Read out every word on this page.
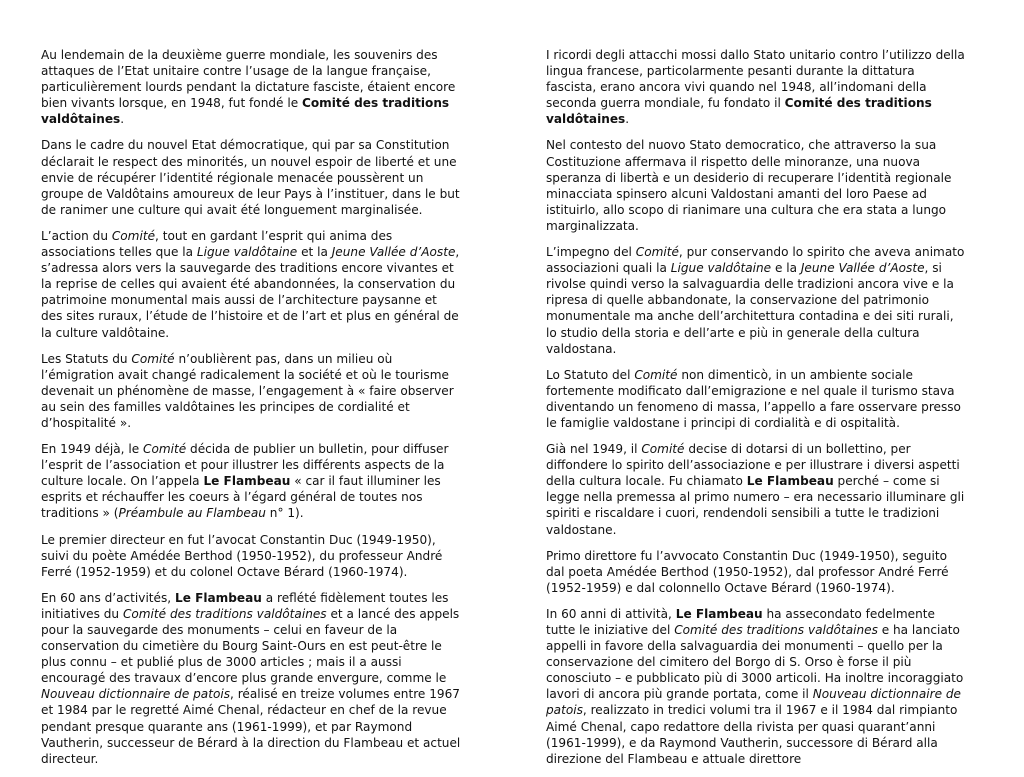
Au lendemain de la deuxième guerre mondiale, les souvenirs des attaques de l’Etat unitaire contre l’usage de la langue française, particulièrement lourds pendant la dictature fasciste, étaient encore bien vivants lorsque, en 1948, fut fondé le Comité des traditions valdôtaines.

Dans le cadre du nouvel Etat démocratique, qui par sa Constitution déclarait le respect des minorités, un nouvel espoir de liberté et une envie de récupérer l’identité régionale menacée poussèrent un groupe de Valdôtains amoureux de leur Pays à l’instituer, dans le but de ranimer une culture qui avait été longuement marginalisée.

L’action du Comité, tout en gardant l’esprit qui anima des associations telles que la Ligue valdôtaine et la Jeune Vallée d’Aoste, s’adressa alors vers la sauvegarde des traditions encore vivantes et la reprise de celles qui avaient été abandonnées, la conservation du patrimoine monumental mais aussi de l’architecture paysanne et des sites ruraux, l’étude de l’histoire et de l’art et plus en général de la culture valdôtaine.

Les Statuts du Comité n’oublièrent pas, dans un milieu où l’émigration avait changé radicalement la société et où le tourisme devenait un phénomène de masse, l’engagement à « faire observer au sein des familles valdôtaines les principes de cordialité et d’hospitalité ».

En 1949 déjà, le Comité décida de publier un bulletin, pour diffuser l’esprit de l’association et pour illustrer les différents aspects de la culture locale. On l’appela Le Flambeau « car il faut illuminer les esprits et réchauffer les coeurs à l’égard général de toutes nos traditions » (Préambule au Flambeau n° 1).

Le premier directeur en fut l’avocat Constantin Duc (1949-1950), suivi du poète Amédée Berthod (1950-1952), du professeur André Ferré (1952-1959) et du colonel Octave Bérard (1960-1974).

En 60 ans d’activités, Le Flambeau a reflété fidèlement toutes les initiatives du Comité des traditions valdôtaines et a lancé des appels pour la sauvegarde des monuments – celui en faveur de la conservation du cimetière du Bourg Saint-Ours en est peut-être le plus connu – et publié plus de 3000 articles ; mais il a aussi encouragé des travaux d’encore plus grande envergure, comme le Nouveau dictionnaire de patois, réalisé en treize volumes entre 1967 et 1984 par le regretté Aimé Chenal, rédacteur en chef de la revue pendant presque quarante ans (1961-1999), et par Raymond Vautherin, successeur de Bérard à la direction du Flambeau et actuel directeur.

I ricordi degli attacchi mossi dallo Stato unitario contro l’utilizzo della lingua francese, particolarmente pesanti durante la dittatura fascista, erano ancora vivi quando nel 1948, all’indomani della seconda guerra mondiale, fu fondato il Comité des traditions valdôtaines.

Nel contesto del nuovo Stato democratico, che attraverso la sua Costituzione affermava il rispetto delle minoranze, una nuova speranza di libertà e un desiderio di recuperare l’identità regionale minacciata spinsero alcuni Valdostani amanti del loro Paese ad istituirlo, allo scopo di rianimare una cultura che era stata a lungo marginalizzata.

L’impegno del Comité, pur conservando lo spirito che aveva animato associazioni quali la Ligue valdôtaine e la Jeune Vallée d’Aoste, si rivolse quindi verso la salvaguardia delle tradizioni ancora vive e la ripresa di quelle abbandonate, la conservazione del patrimonio monumentale ma anche dell’architettura contadina e dei siti rurali, lo studio della storia e dell’arte e più in generale della cultura valdostana.

Lo Statuto del Comité non dimenticò, in un ambiente sociale fortemente modificato dall’emigrazione e nel quale il turismo stava diventando un fenomeno di massa, l’appello a fare osservare presso le famiglie valdostane i principi di cordialità e di ospitalità.

Già nel 1949, il Comité decise di dotarsi di un bollettino, per diffondere lo spirito dell’associazione e per illustrare i diversi aspetti della cultura locale. Fu chiamato Le Flambeau perché – come si legge nella premessa al primo numero – era necessario illuminare gli spiriti e riscaldare i cuori, rendendoli sensibili a tutte le tradizioni valdostane.

Primo direttore fu l’avvocato Constantin Duc (1949-1950), seguito dal poeta Amédée Berthod (1950-1952), dal professor André Ferré (1952-1959) e dal colonnello Octave Bérard (1960-1974).

In 60 anni di attività, Le Flambeau ha assecondato fedelmente tutte le iniziative del Comité des traditions valdôtaines e ha lanciato appelli in favore della salvaguardia dei monumenti – quello per la conservazione del cimitero del Borgo di S. Orso è forse il più conosciuto – e pubblicato più di 3000 articoli. Ha inoltre incoraggiato lavori di ancora più grande portata, come il Nouveau dictionnaire de patois, realizzato in tredici volumi tra il 1967 e il 1984 dal rimpianto Aimé Chenal, capo redattore della rivista per quasi quarant’anni (1961-1999), e da Raymond Vautherin, successore di Bérard alla direzione del Flambeau e attuale direttore
